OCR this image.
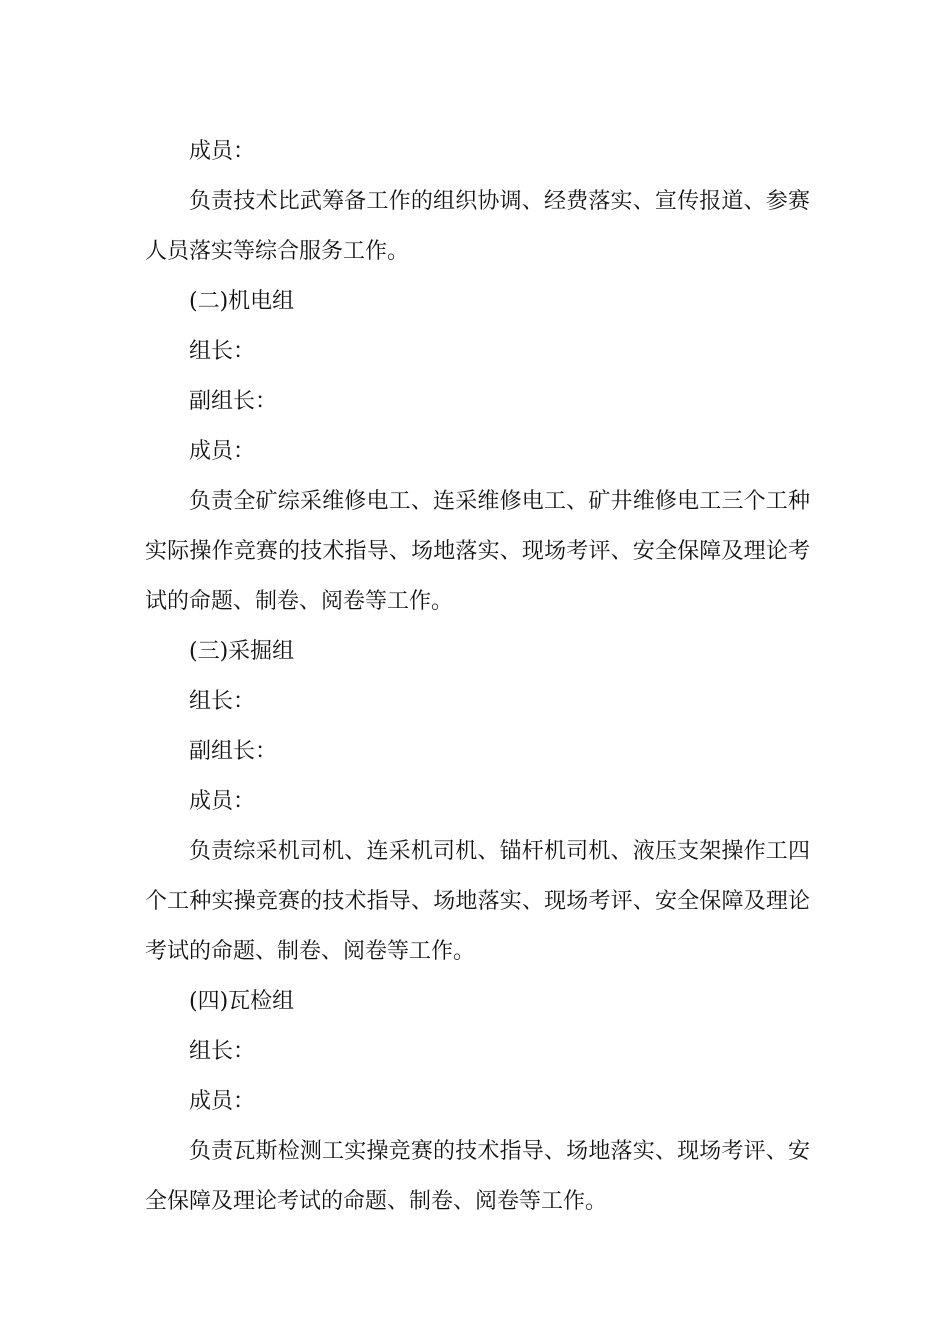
成员：

负责技术比武筹备工作的组织协调、经费落实、宣传报道、参赛人员落实等综合服务工作。

(二)机电组

组长：

副组长：

成员：

负责全矿综采维修电工、连采维修电工、矿井维修电工三个工种实际操作竞赛的技术指导、场地落实、现场考评、安全保障及理论考试的命题、制卷、阅卷等工作。

(三)采掘组

组长：

副组长：

成员：

负责综采机司机、连采机司机、锚杆机司机、液压支架操作工四个工种实操竞赛的技术指导、场地落实、现场考评、安全保障及理论考试的命题、制卷、阅卷等工作。

(四)瓦检组

组长：

成员：

负责瓦斯检测工实操竞赛的技术指导、场地落实、现场考评、安全保障及理论考试的命题、制卷、阅卷等工作。
